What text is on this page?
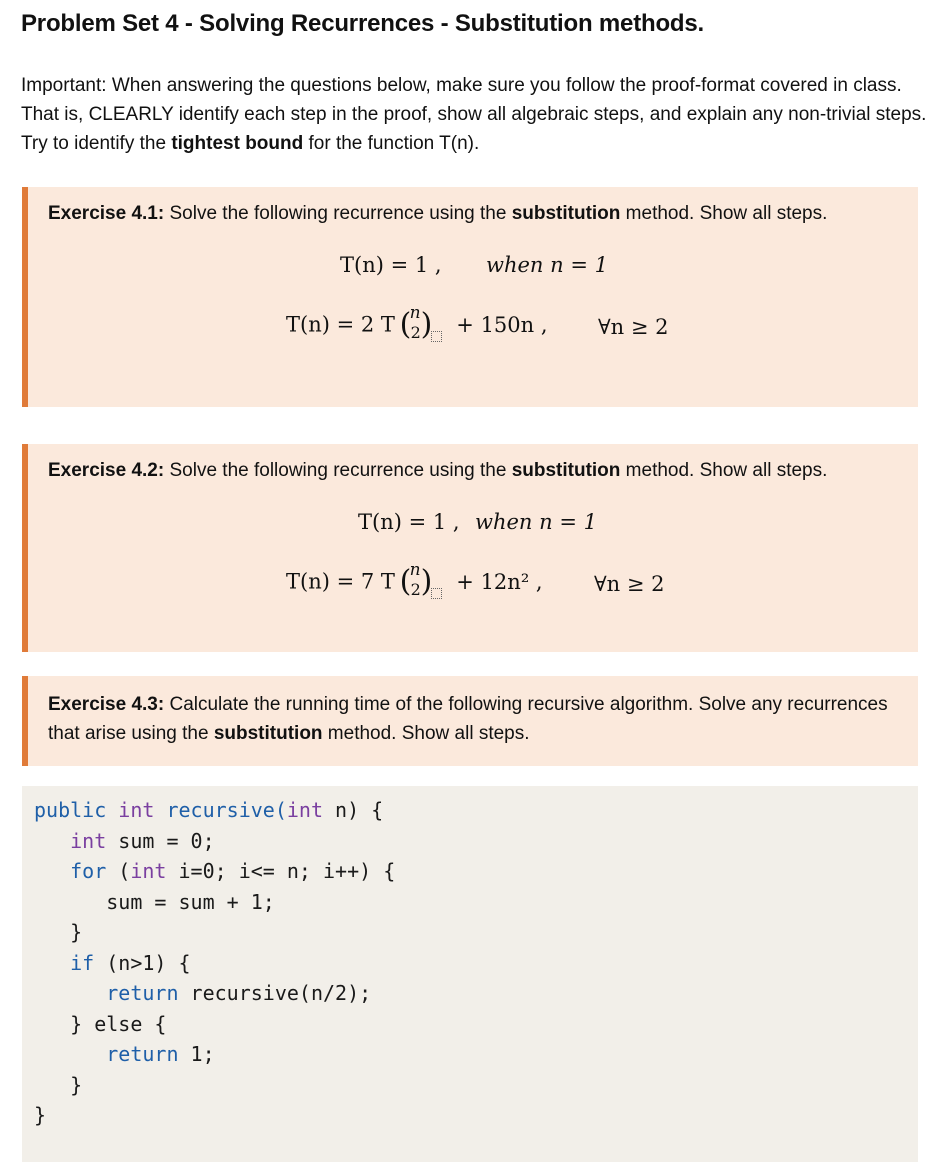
Problem Set 4 - Solving Recurrences - Substitution methods.
Important: When answering the questions below, make sure you follow the proof-format covered in class. That is, CLEARLY identify each step in the proof, show all algebraic steps, and explain any non-trivial steps. Try to identify the tightest bound for the function T(n).
Exercise 4.1: Solve the following recurrence using the substitution method. Show all steps.
T(n) = 1 , when n = 1
T(n) = 2 T (
n
2 ) + 150n , ∀n ≥ 2
Exercise 4.2: Solve the following recurrence using the substitution method. Show all steps.
T(n) = 1 , when n = 1
T(n) = 7 T (
n
2 ) + 12n² , ∀n ≥ 2
Exercise 4.3: Calculate the running time of the following recursive algorithm. Solve any recurrences that arise using the substitution method. Show all steps.
public int recursive(int n) {
int sum = 0;
for (int i=0; i<= n; i++) {
sum = sum + 1;
}
if (n>1) {
return recursive(n/2);
} else {
return 1;
}
}
